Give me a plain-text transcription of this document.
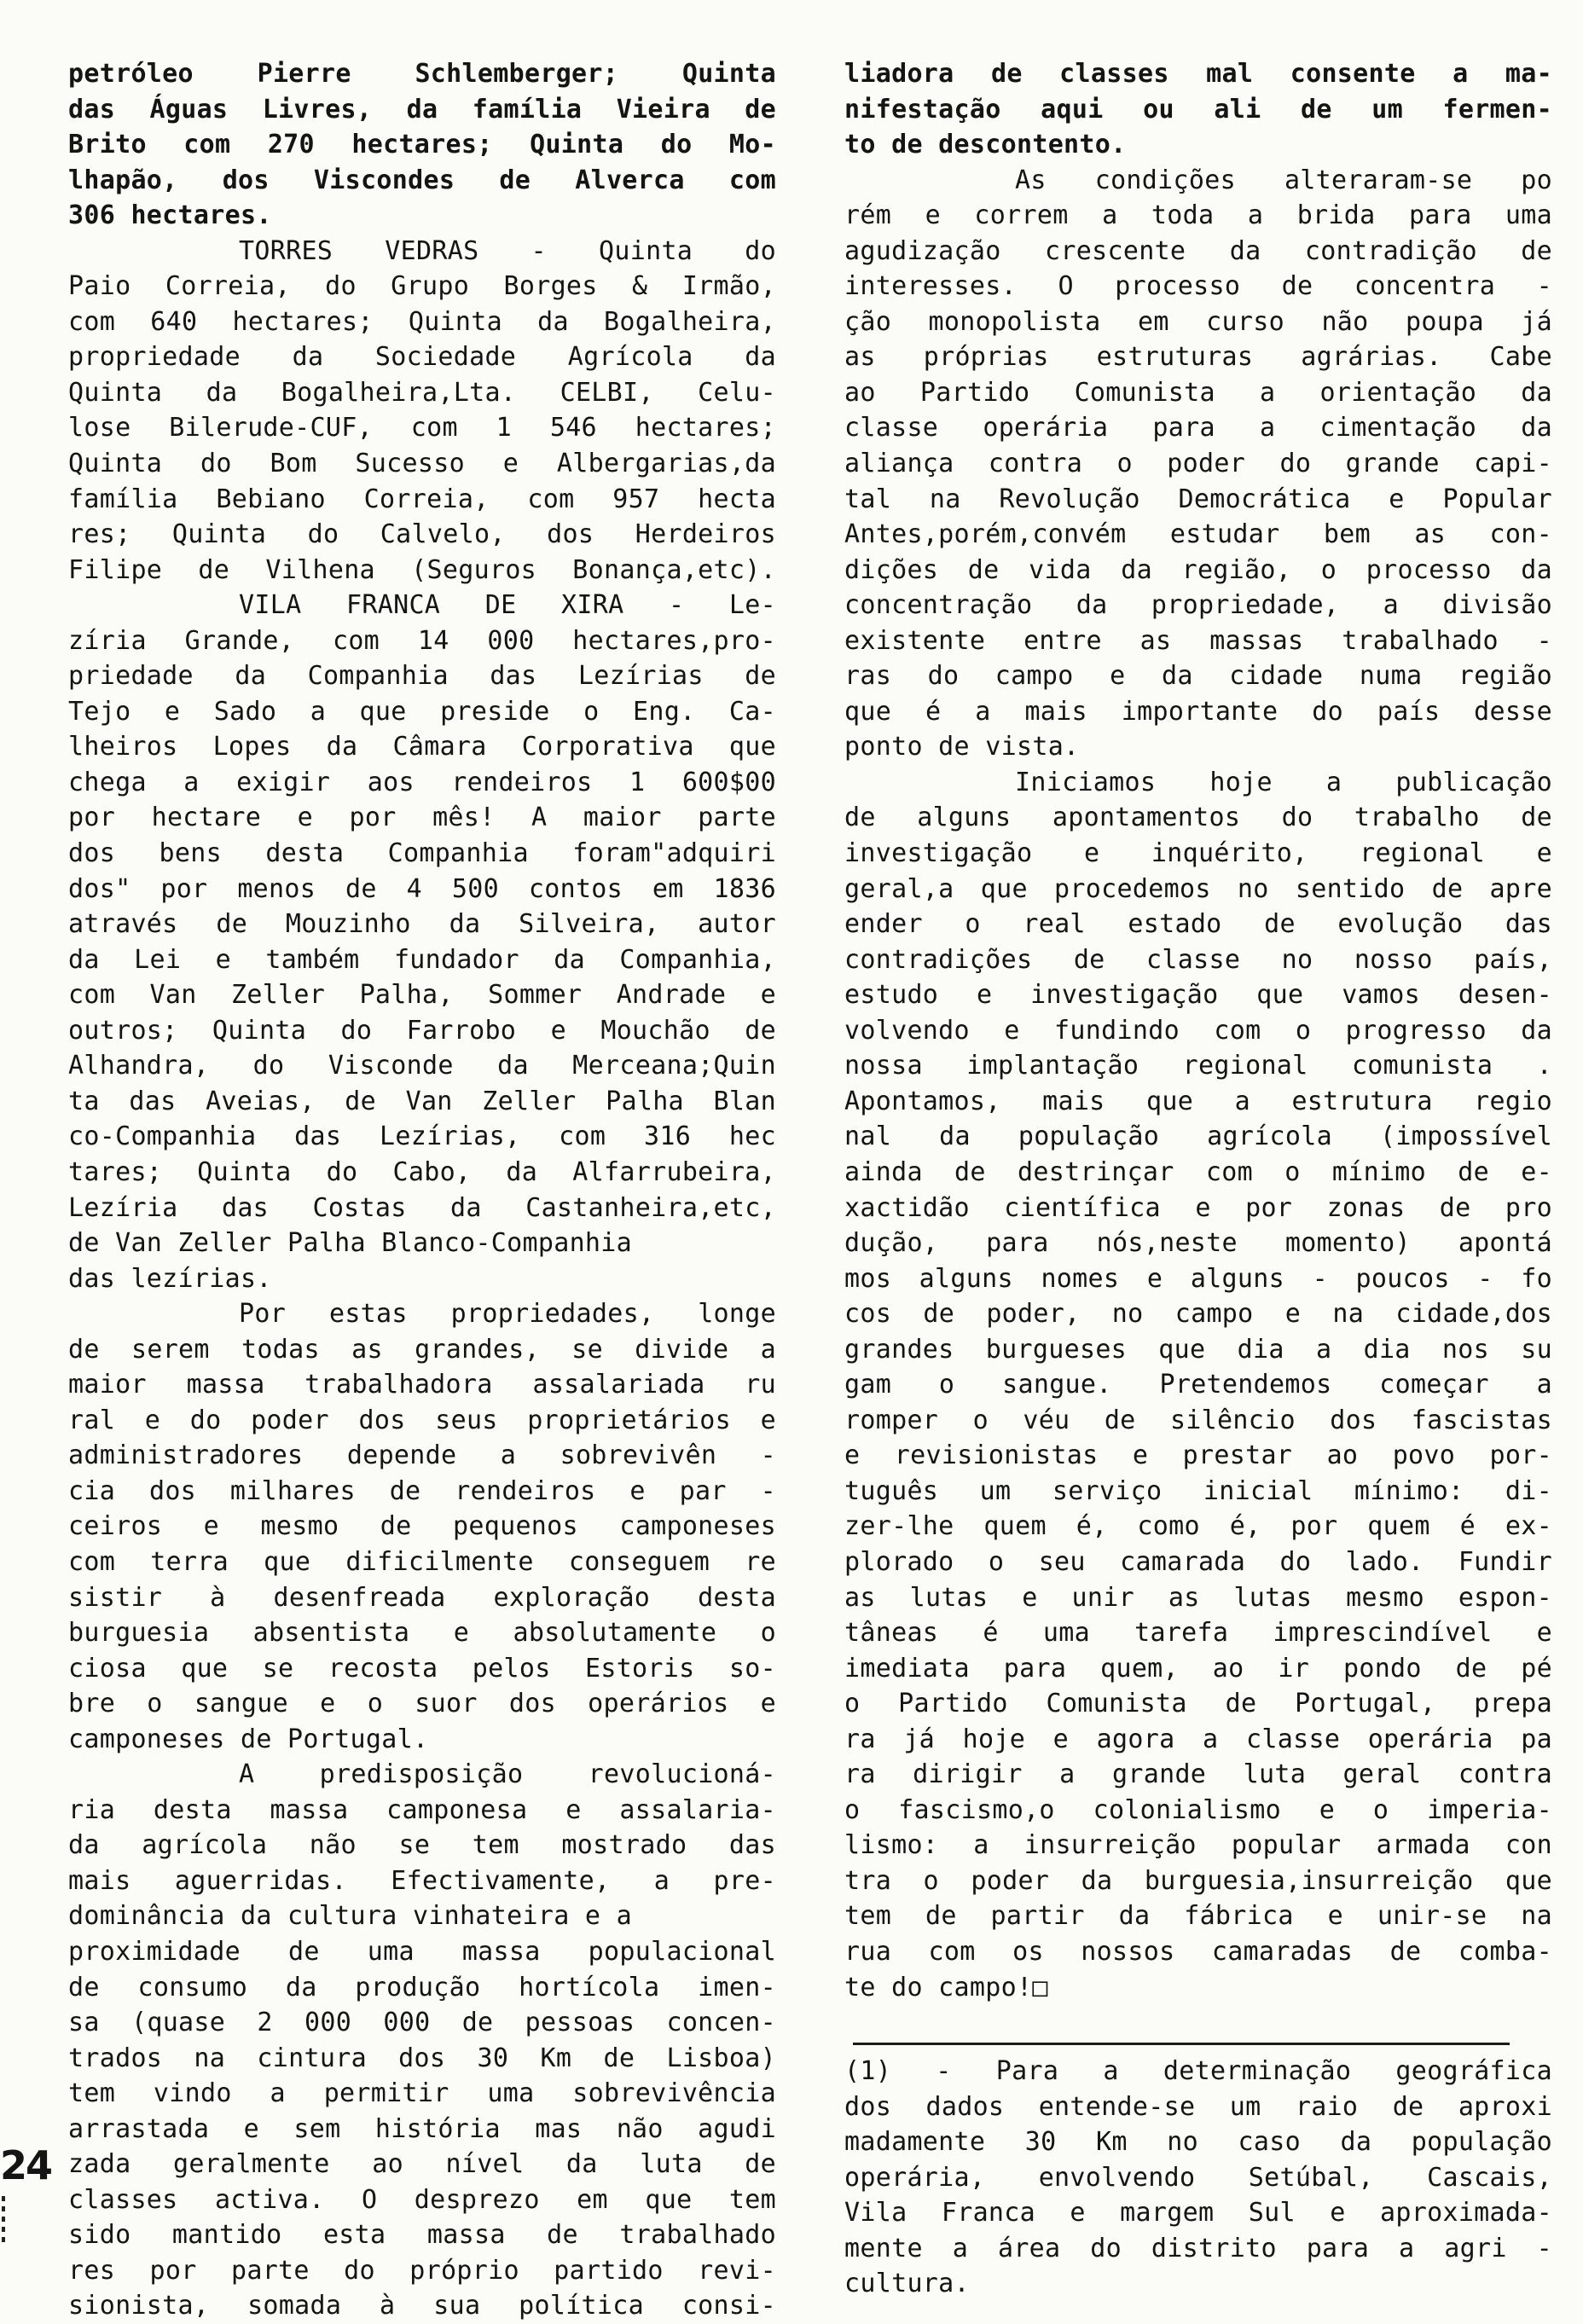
petróleo Pierre Schlemberger; Quinta
das Águas Livres, da família Vieira de
Brito com 270 hectares; Quinta do Mo-
lhapão, dos Viscondes de Alverca com
306 hectares.
TORRES VEDRAS - Quinta do
Paio Correia, do Grupo Borges & Irmão,
com 640 hectares; Quinta da Bogalheira,
propriedade da Sociedade Agrícola da
Quinta da Bogalheira,Lta. CELBI, Celu-
lose Bilerude-CUF, com 1 546 hectares;
Quinta do Bom Sucesso e Albergarias,da
família Bebiano Correia, com 957 hecta
res; Quinta do Calvelo, dos Herdeiros
Filipe de Vilhena (Seguros Bonança,etc).
VILA FRANCA DE XIRA - Le-
zíria Grande, com 14 000 hectares,pro-
priedade da Companhia das Lezírias de
Tejo e Sado a que preside o Eng. Ca-
lheiros Lopes da Câmara Corporativa que
chega a exigir aos rendeiros 1 600$00
por hectare e por mês! A maior parte
dos bens desta Companhia foram"adquiri
dos" por menos de 4 500 contos em 1836
através de Mouzinho da Silveira, autor
da Lei e também fundador da Companhia,
com Van Zeller Palha, Sommer Andrade e
outros; Quinta do Farrobo e Mouchão de
Alhandra, do Visconde da Merceana;Quin
ta das Aveias, de Van Zeller Palha Blan
co-Companhia das Lezírias, com 316 hec
tares; Quinta do Cabo, da Alfarrubeira,
Lezíria das Costas da Castanheira,etc,
de Van Zeller Palha Blanco-Companhia
das lezírias.
Por estas propriedades, longe
de serem todas as grandes, se divide a
maior massa trabalhadora assalariada ru
ral e do poder dos seus proprietários e
administradores depende a sobrevivên -
cia dos milhares de rendeiros e par -
ceiros e mesmo de pequenos camponeses
com terra que dificilmente conseguem re
sistir à desenfreada exploração desta
burguesia absentista e absolutamente o
ciosa que se recosta pelos Estoris so-
bre o sangue e o suor dos operários e
camponeses de Portugal.
A predisposição revolucioná-
ria desta massa camponesa e assalaria-
da agrícola não se tem mostrado das
mais aguerridas. Efectivamente, a pre-
dominância da cultura vinhateira e a
proximidade de uma massa populacional
de consumo da produção hortícola imen-
sa (quase 2 000 000 de pessoas concen-
trados na cintura dos 30 Km de Lisboa)
tem vindo a permitir uma sobrevivência
arrastada e sem história mas não agudi
zada geralmente ao nível da luta de
classes activa. O desprezo em que tem
sido mantido esta massa de trabalhado
res por parte do próprio partido revi-
sionista, somada à sua política consi-
liadora de classes mal consente a ma-
nifestação aqui ou ali de um fermen-
to de descontento.
As condições alteraram-se po
rém e correm a toda a brida para uma
agudização crescente da contradição de
interesses. O processo de concentra -
ção monopolista em curso não poupa já
as próprias estruturas agrárias. Cabe
ao Partido Comunista a orientação da
classe operária para a cimentação da
aliança contra o poder do grande capi-
tal na Revolução Democrática e Popular
Antes,porém,convém estudar bem as con-
dições de vida da região, o processo da
concentração da propriedade, a divisão
existente entre as massas trabalhado -
ras do campo e da cidade numa região
que é a mais importante do país desse
ponto de vista.
Iniciamos hoje a publicação
de alguns apontamentos do trabalho de
investigação e inquérito, regional e
geral,a que procedemos no sentido de apre
ender o real estado de evolução das
contradições de classe no nosso país,
estudo e investigação que vamos desen-
volvendo e fundindo com o progresso da
nossa implantação regional comunista .
Apontamos, mais que a estrutura regio
nal da população agrícola (impossível
ainda de destrinçar com o mínimo de e-
xactidão científica e por zonas de pro
dução, para nós,neste momento) apontá
mos alguns nomes e alguns - poucos - fo
cos de poder, no campo e na cidade,dos
grandes burgueses que dia a dia nos su
gam o sangue. Pretendemos começar a
romper o véu de silêncio dos fascistas
e revisionistas e prestar ao povo por-
tuguês um serviço inicial mínimo: di-
zer-lhe quem é, como é, por quem é ex-
plorado o seu camarada do lado. Fundir
as lutas e unir as lutas mesmo espon-
tâneas é uma tarefa imprescindível e
imediata para quem, ao ir pondo de pé
o Partido Comunista de Portugal, prepa
ra já hoje e agora a classe operária pa
ra dirigir a grande luta geral contra
o fascismo,o colonialismo e o imperia-
lismo: a insurreição popular armada con
tra o poder da burguesia,insurreição que
tem de partir da fábrica e unir-se na
rua com os nossos camaradas de comba-
te do campo!□
(1) - Para a determinação geográfica
dos dados entende-se um raio de aproxi
madamente 30 Km no caso da população
operária, envolvendo Setúbal, Cascais,
Vila Franca e margem Sul e aproximada-
mente a área do distrito para a agri -
cultura.
24
